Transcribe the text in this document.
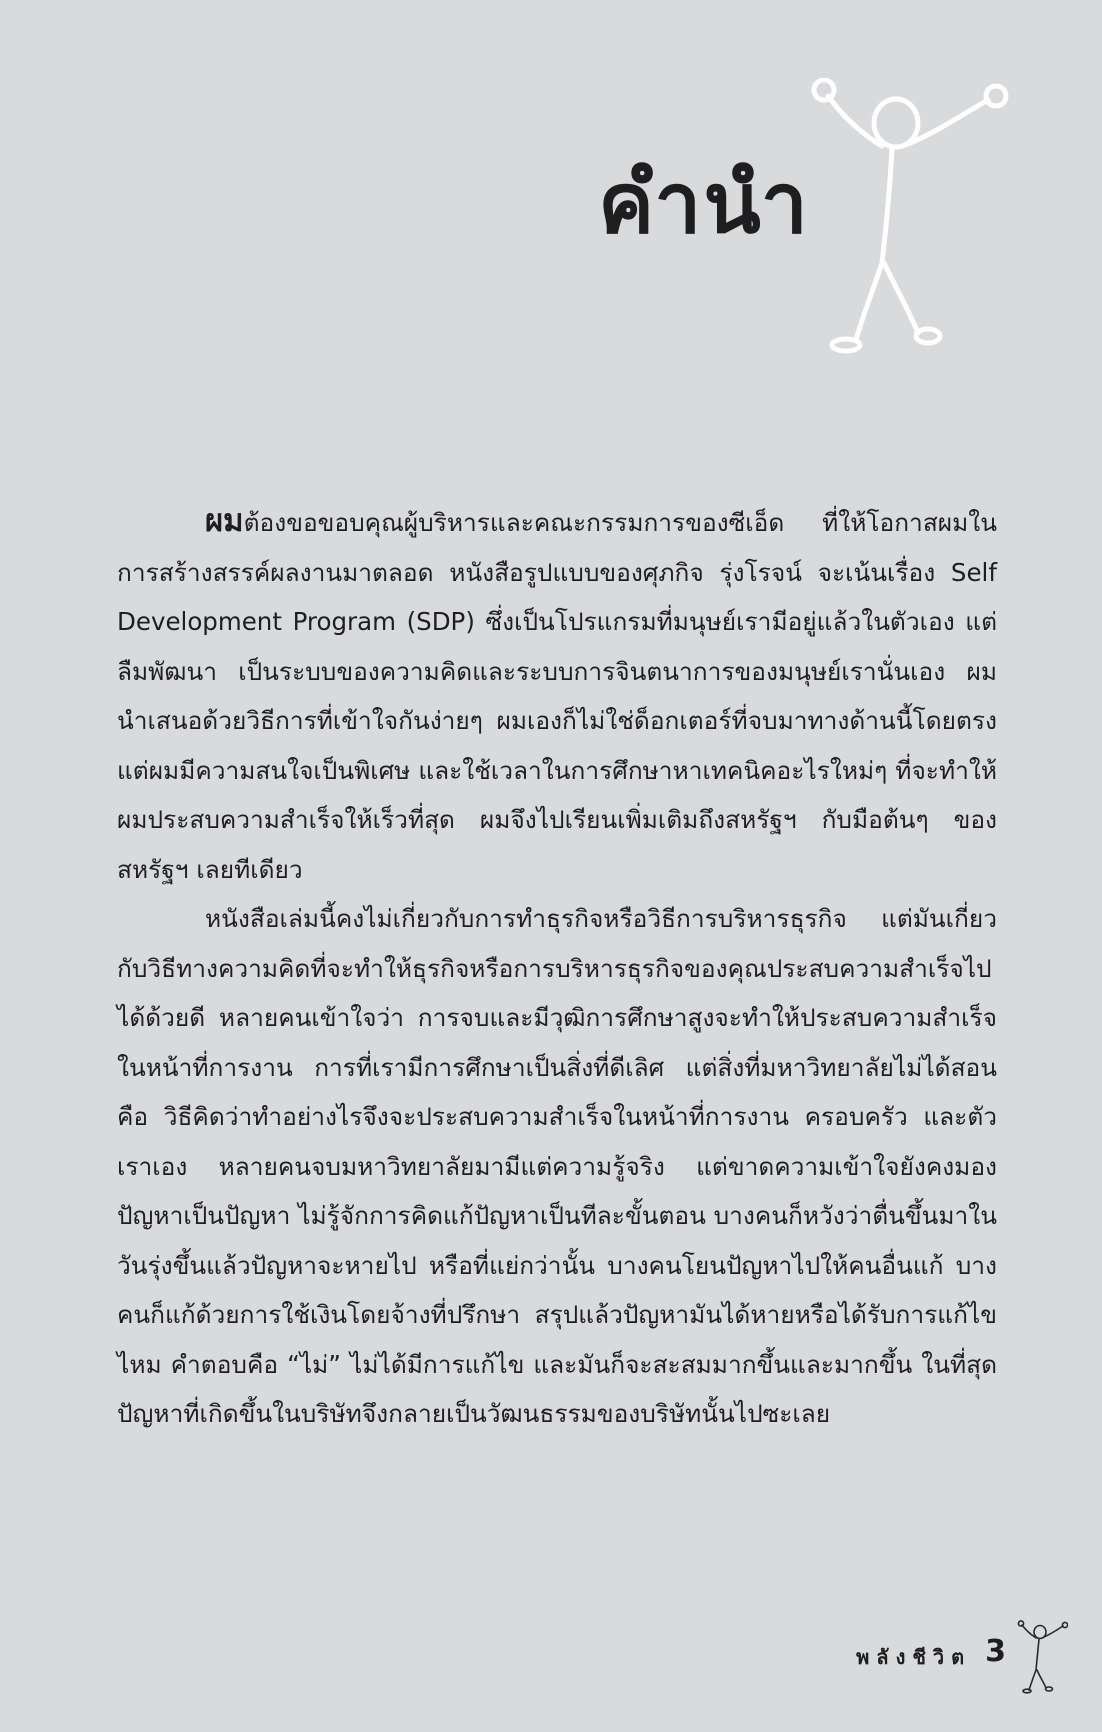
คำนำ

ผมต้องขอขอบคุณผู้บริหารและคณะกรรมการของซีเอ็ด ที่ให้โอกาสผมในการสร้างสรรค์ผลงานมาตลอด หนังสือรูปแบบของศุภกิจ รุ่งโรจน์ จะเน้นเรื่อง Self Development Program (SDP) ซึ่งเป็นโปรแกรมที่มนุษย์เรามีอยู่แล้วในตัวเอง แต่ลืมพัฒนา เป็นระบบของความคิดและระบบการจินตนาการของมนุษย์เรานั่นเอง ผมนำเสนอด้วยวิธีการที่เข้าใจกันง่ายๆ ผมเองก็ไม่ใช่ด็อกเตอร์ที่จบมาทางด้านนี้โดยตรง แต่ผมมีความสนใจเป็นพิเศษ และใช้เวลาในการศึกษาหาเทคนิคอะไรใหม่ๆ ที่จะทำให้ผมประสบความสำเร็จให้เร็วที่สุด ผมจึงไปเรียนเพิ่มเติมถึงสหรัฐฯ กับมือต้นๆ ของสหรัฐฯ เลยทีเดียว

หนังสือเล่มนี้คงไม่เกี่ยวกับการทำธุรกิจหรือวิธีการบริหารธุรกิจ แต่มันเกี่ยวกับวิธีทางความคิดที่จะทำให้ธุรกิจหรือการบริหารธุรกิจของคุณประสบความสำเร็จไปได้ด้วยดี หลายคนเข้าใจว่า การจบและมีวุฒิการศึกษาสูงจะทำให้ประสบความสำเร็จในหน้าที่การงาน การที่เรามีการศึกษาเป็นสิ่งที่ดีเลิศ แต่สิ่งที่มหาวิทยาลัยไม่ได้สอนคือ วิธีคิดว่าทำอย่างไรจึงจะประสบความสำเร็จในหน้าที่การงาน ครอบครัว และตัวเราเอง หลายคนจบมหาวิทยาลัยมามีแต่ความรู้จริง แต่ขาดความเข้าใจยังคงมองปัญหาเป็นปัญหา ไม่รู้จักการคิดแก้ปัญหาเป็นทีละขั้นตอน บางคนก็หวังว่าตื่นขึ้นมาในวันรุ่งขึ้นแล้วปัญหาจะหายไป หรือที่แย่กว่านั้น บางคนโยนปัญหาไปให้คนอื่นแก้ บางคนก็แก้ด้วยการใช้เงินโดยจ้างที่ปรึกษา สรุปแล้วปัญหามันได้หายหรือได้รับการแก้ไขไหม คำตอบคือ “ไม่” ไม่ได้มีการแก้ไข และมันก็จะสะสมมากขึ้นและมากขึ้น ในที่สุดปัญหาที่เกิดขึ้นในบริษัทจึงกลายเป็นวัฒนธรรมของบริษัทนั้นไปซะเลย

พลังชีวิต 3
